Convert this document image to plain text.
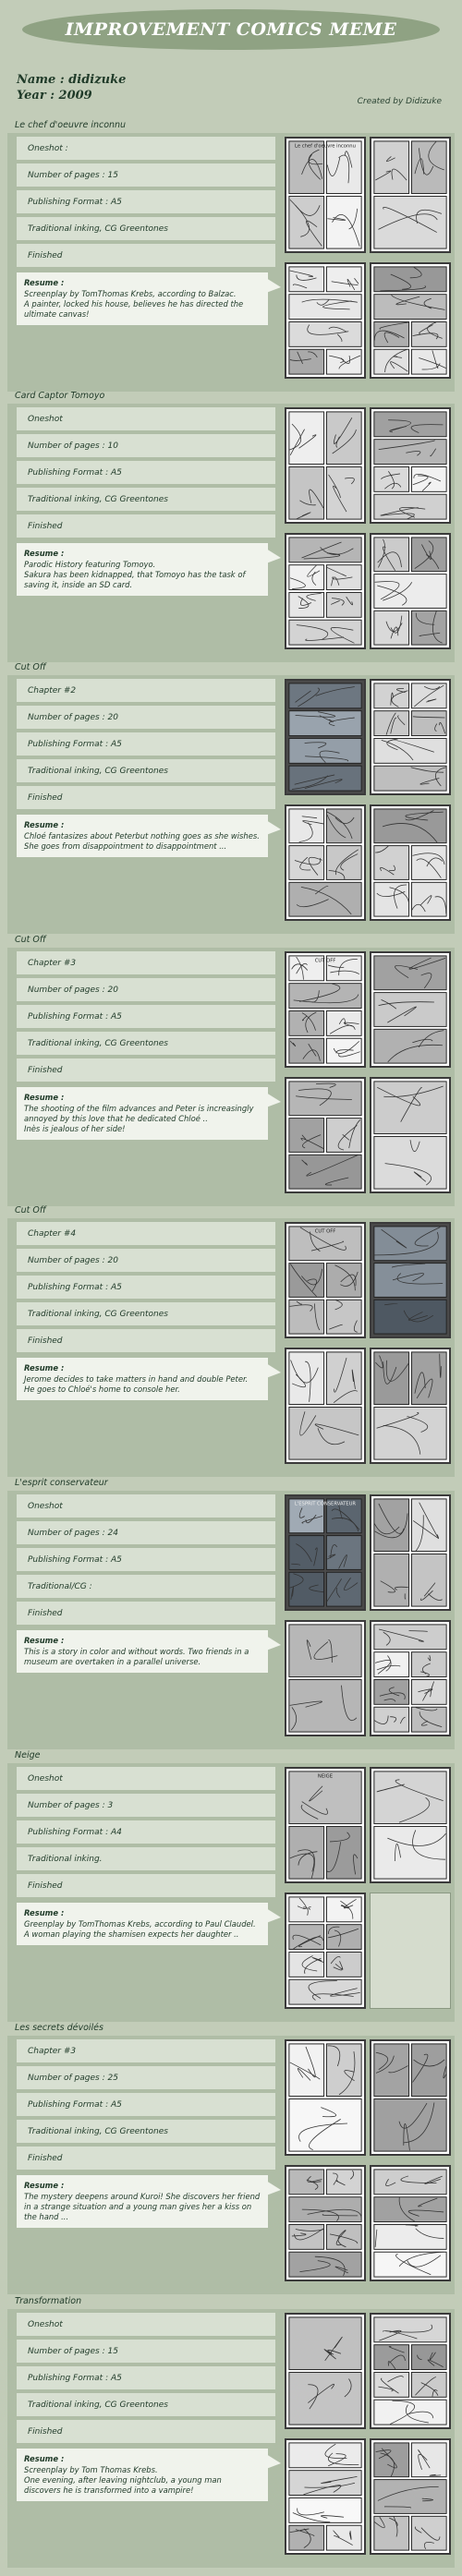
IMPROVEMENT COMICS MEME
Name : didizuke
Year : 2009	Created by Didizuke
Le chef d'oeuvre inconnu
Oneshot :
Number of pages : 15
Publishing Format : A5
Traditional inking, CG Greentones
Finished
Resume :
Screenplay by TomThomas Krebs, according to Balzac.
A painter, locked his house, believes he has directed the ultimate canvas!
Le chef d'oeuvre inconnu
Card Captor Tomoyo
Oneshot
Number of pages : 10
Publishing Format : A5
Traditional inking, CG Greentones
Finished
Resume :
Parodic History featuring Tomoyo.
Sakura has been kidnapped, that Tomoyo has the task of saving it, inside an SD card.
Cut Off
Chapter #2
Number of pages : 20
Publishing Format : A5
Traditional inking, CG Greentones
Finished
Resume :
Chloé fantasizes about Peterbut nothing goes as she wishes. She goes from disappointment to disappointment ...
Cut Off
Chapter #3
Number of pages : 20
Publishing Format : A5
Traditional inking, CG Greentones
Finished
Resume :
The shooting of the film advances and Peter is increasingly annoyed by this love that he dedicated Chloé ..
Inès is jealous of her side!
CUT OFF
Cut Off
Chapter #4
Number of pages : 20
Publishing Format : A5
Traditional inking, CG Greentones
Finished
Resume :
Jerome decides to take matters in hand and double Peter. He goes to Chloé's home to console her.
CUT OFF
L'esprit conservateur
Oneshot
Number of pages : 24
Publishing Format : A5
Traditional/CG :
Finished
Resume :
This is a story in color and without words. Two friends in a museum are overtaken in a parallel universe.
L'ESPRIT CONSERVATEUR
Neige
Oneshot
Number of pages : 3
Publishing Format : A4
Traditional inking.
Finished
Resume :
Greenplay by TomThomas Krebs, according to Paul Claudel.
A woman playing the shamisen expects her daughter ..
NEIGE
Les secrets dévoilés
Chapter #3
Number of pages : 25
Publishing Format : A5
Traditional inking, CG Greentones
Finished
Resume :
The mystery deepens around Kuroi! She discovers her friend in a strange situation and a young man gives her a kiss on the hand ...
Transformation
Oneshot
Number of pages : 15
Publishing Format : A5
Traditional inking, CG Greentones
Finished
Resume :
Screenplay by Tom Thomas Krebs.
One evening, after leaving nightclub, a young man discovers he is transformed into a vampire!
